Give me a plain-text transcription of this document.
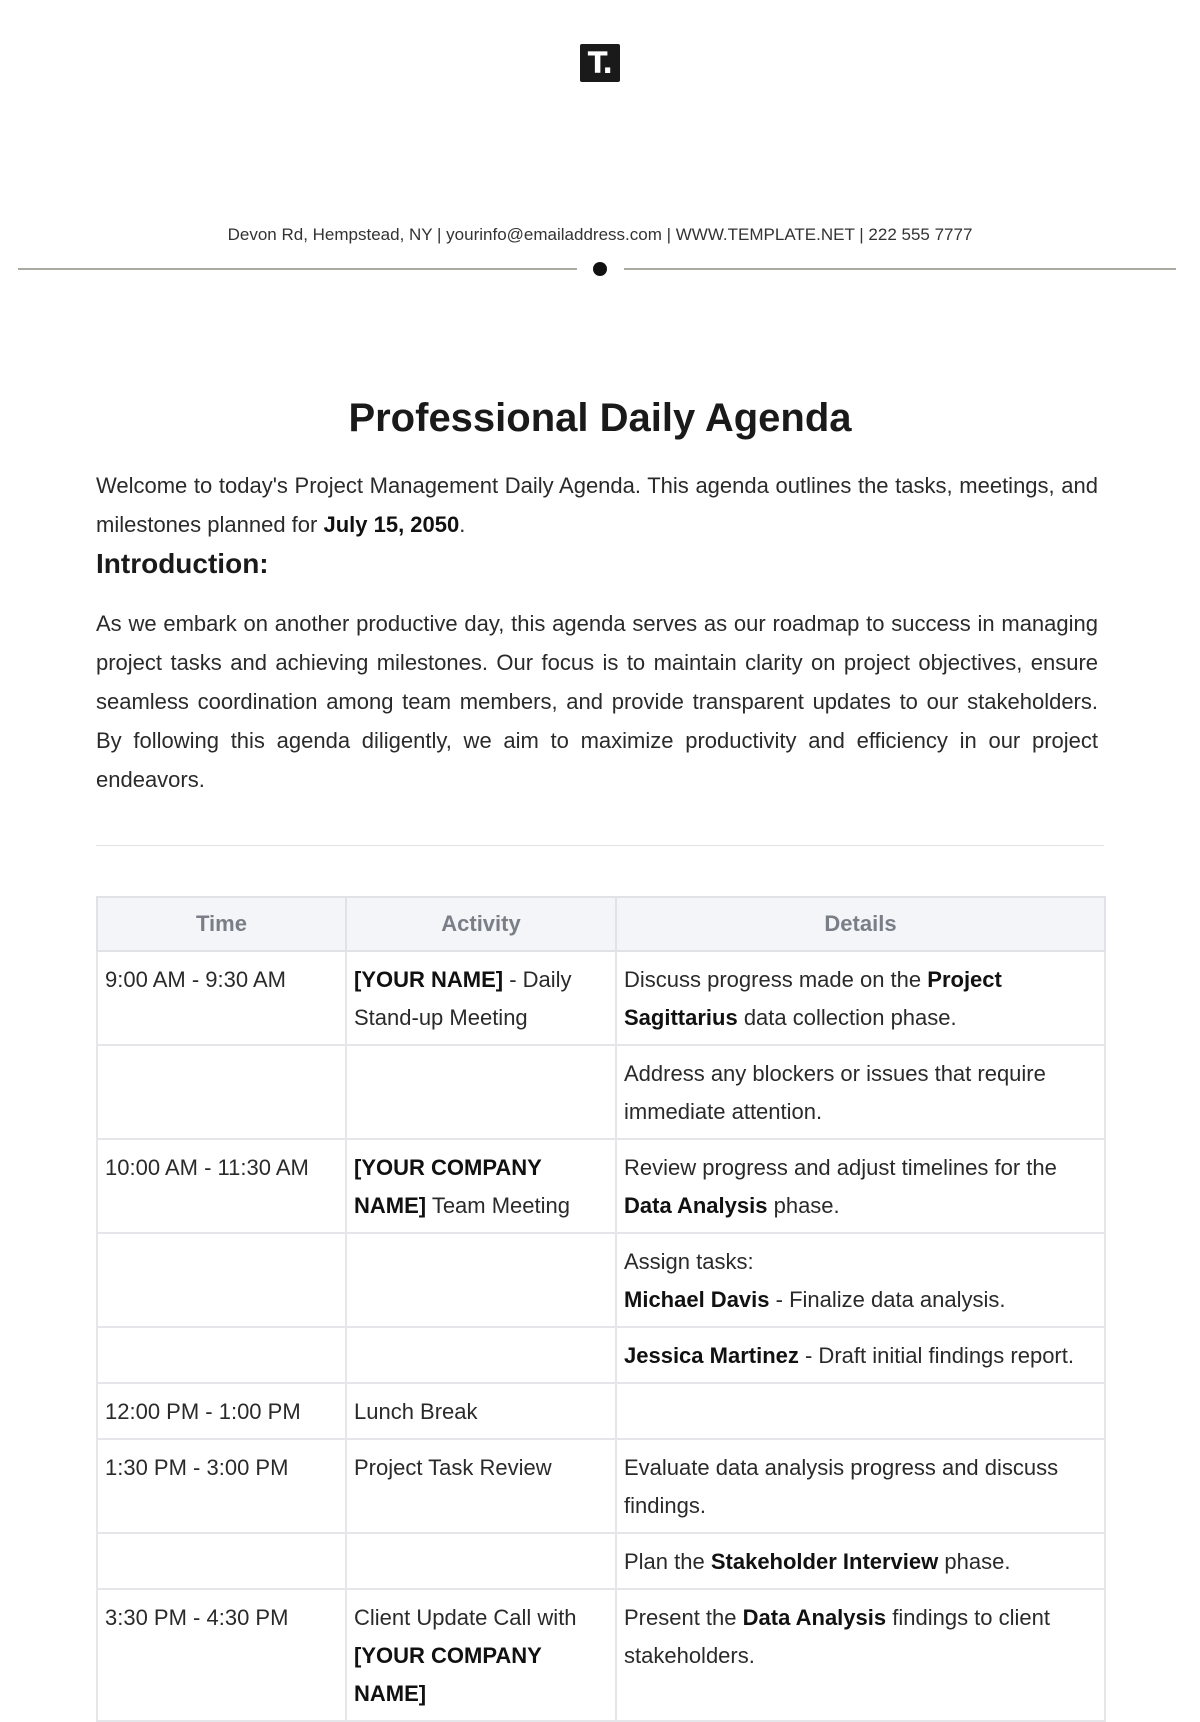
T.
Devon Rd, Hempstead, NY | yourinfo@emailaddress.com | WWW.TEMPLATE.NET | 222 555 7777
Professional Daily Agenda

Welcome to today's Project Management Daily Agenda. This agenda outlines the tasks, meetings, and milestones planned for July 15, 2050.

Introduction:

As we embark on another productive day, this agenda serves as our roadmap to success in managing project tasks and achieving milestones. Our focus is to maintain clarity on project objectives, ensure seamless coordination among team members, and provide transparent updates to our stakeholders. By following this agenda diligently, we aim to maximize productivity and efficiency in our project endeavors.

Time	Activity	Details
9:00 AM - 9:30 AM	[YOUR NAME] - Daily Stand-up Meeting	Discuss progress made on the Project Sagittarius data collection phase.
		Address any blockers or issues that require immediate attention.
10:00 AM - 11:30 AM	[YOUR COMPANY NAME] Team Meeting	Review progress and adjust timelines for the Data Analysis phase.
		Assign tasks:
Michael Davis - Finalize data analysis.
		Jessica Martinez - Draft initial findings report.
12:00 PM - 1:00 PM	Lunch Break	
1:30 PM - 3:00 PM	Project Task Review	Evaluate data analysis progress and discuss findings.
		Plan the Stakeholder Interview phase.
3:30 PM - 4:30 PM	Client Update Call with [YOUR COMPANY NAME]	Present the Data Analysis findings to client stakeholders.
